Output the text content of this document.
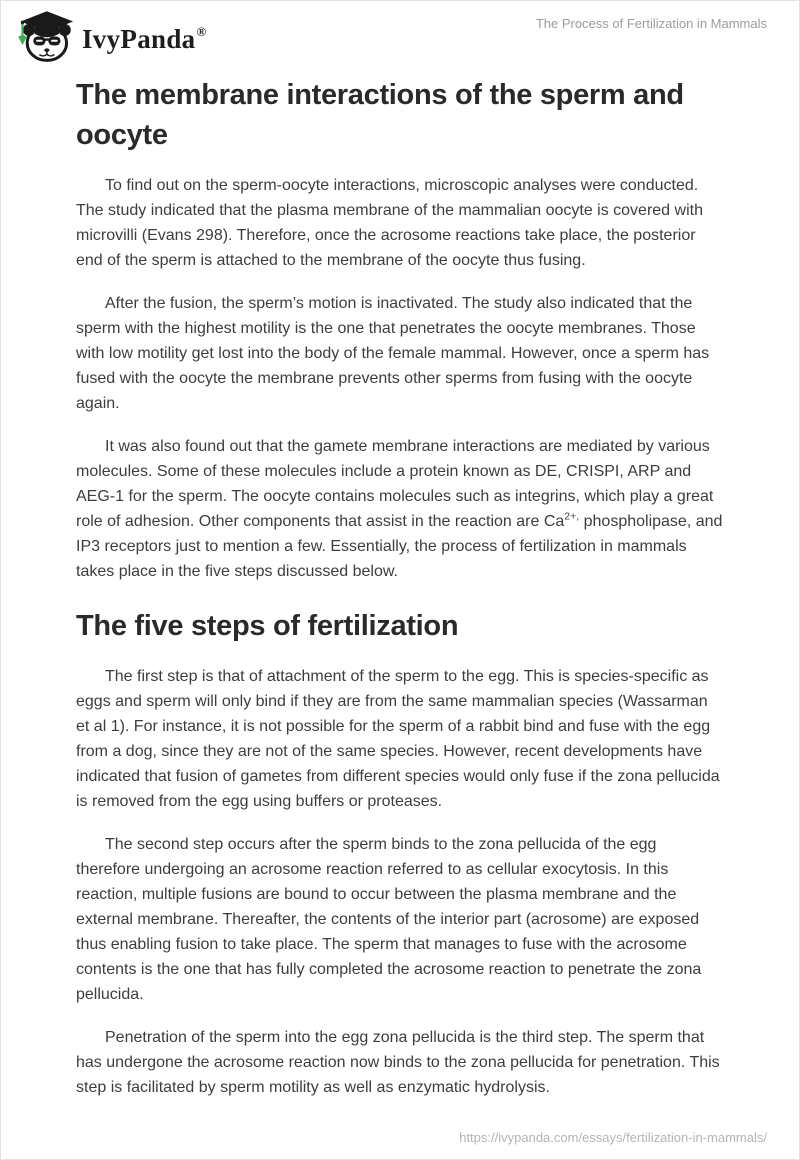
IvyPanda®
The Process of Fertilization in Mammals
The membrane interactions of the sperm and oocyte

To find out on the sperm-oocyte interactions, microscopic analyses were conducted. The study indicated that the plasma membrane of the mammalian oocyte is covered with microvilli (Evans 298). Therefore, once the acrosome reactions take place, the posterior end of the sperm is attached to the membrane of the oocyte thus fusing.

After the fusion, the sperm’s motion is inactivated. The study also indicated that the sperm with the highest motility is the one that penetrates the oocyte membranes. Those with low motility get lost into the body of the female mammal. However, once a sperm has fused with the oocyte the membrane prevents other sperms from fusing with the oocyte again.

It was also found out that the gamete membrane interactions are mediated by various molecules. Some of these molecules include a protein known as DE, CRISPI, ARP and AEG-1 for the sperm. The oocyte contains molecules such as integrins, which play a great role of adhesion. Other components that assist in the reaction are $Ca^{2+,}$ phospholipase, and IP3 receptors just to mention a few. Essentially, the process of fertilization in mammals takes place in the five steps discussed below.

The five steps of fertilization

The first step is that of attachment of the sperm to the egg. This is species-specific as eggs and sperm will only bind if they are from the same mammalian species (Wassarman et al 1). For instance, it is not possible for the sperm of a rabbit bind and fuse with the egg from a dog, since they are not of the same species. However, recent developments have indicated that fusion of gametes from different species would only fuse if the zona pellucida is removed from the egg using buffers or proteases.

The second step occurs after the sperm binds to the zona pellucida of the egg therefore undergoing an acrosome reaction referred to as cellular exocytosis. In this reaction, multiple fusions are bound to occur between the plasma membrane and the external membrane. Thereafter, the contents of the interior part (acrosome) are exposed thus enabling fusion to take place. The sperm that manages to fuse with the acrosome contents is the one that has fully completed the acrosome reaction to penetrate the zona pellucida.

Penetration of the sperm into the egg zona pellucida is the third step. The sperm that has undergone the acrosome reaction now binds to the zona pellucida for penetration. This step is facilitated by sperm motility as well as enzymatic hydrolysis.

https://ivypanda.com/essays/fertilization-in-mammals/
